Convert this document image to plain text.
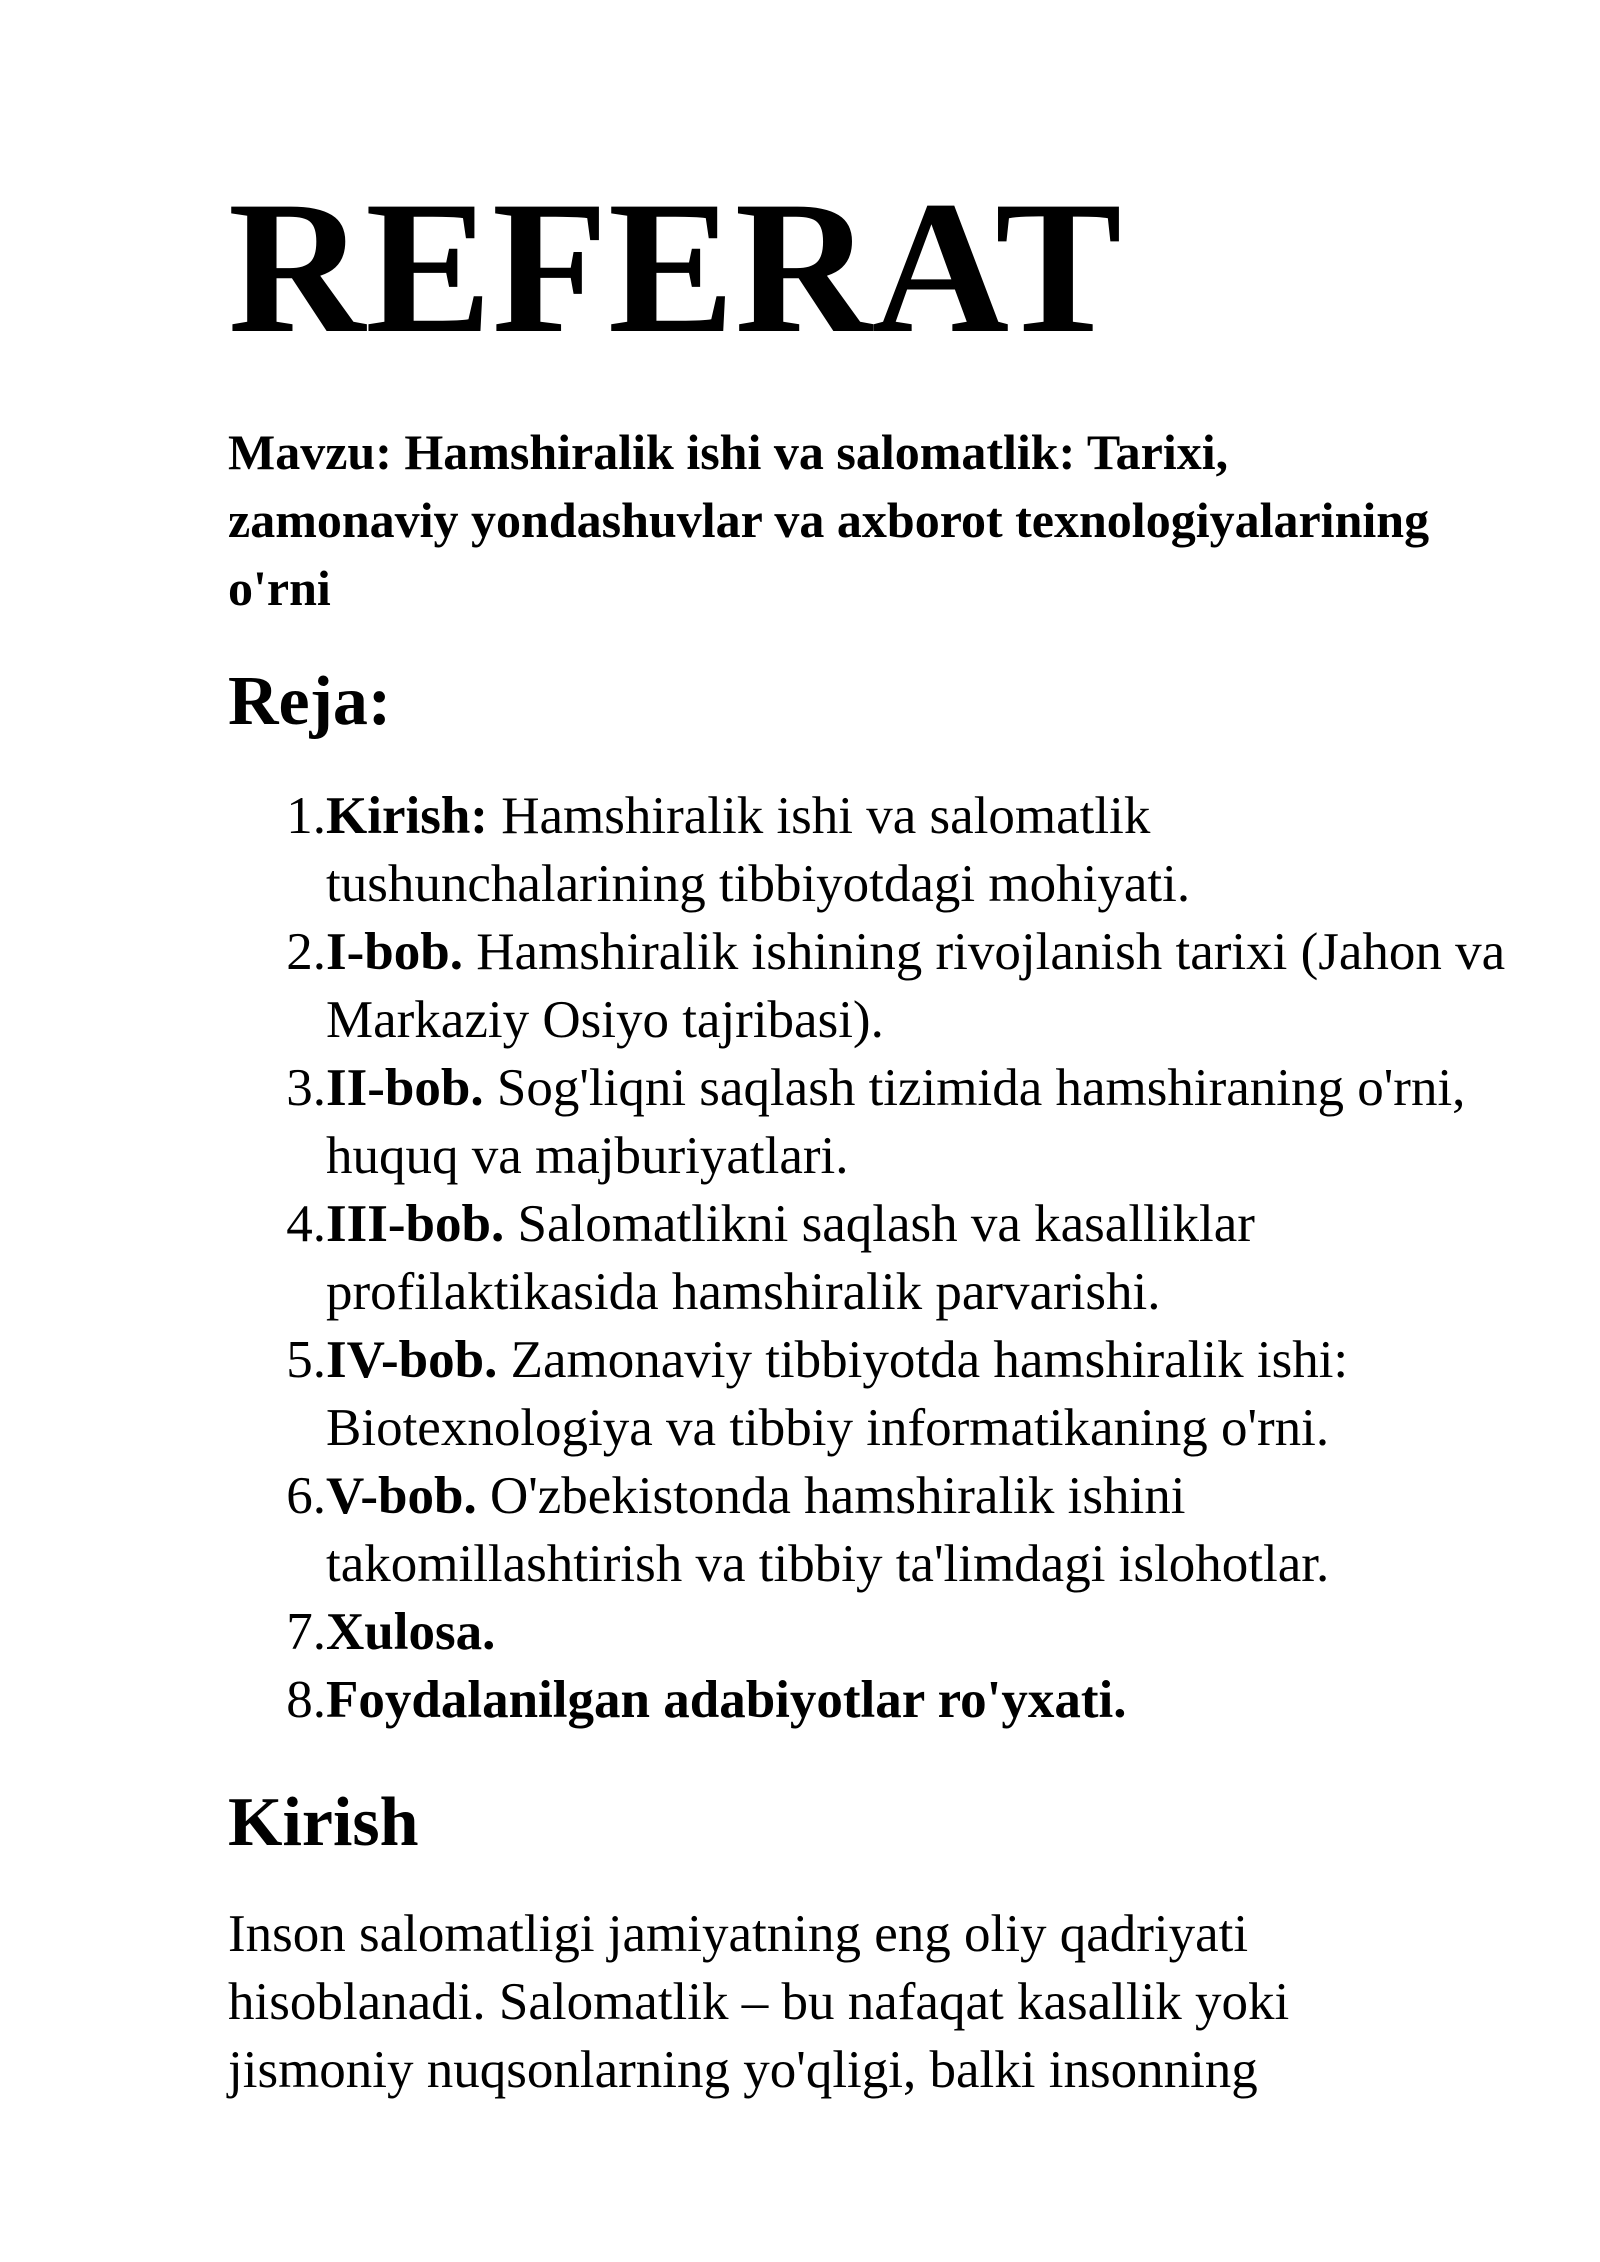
REFERAT

Mavzu: Hamshiralik ishi va salomatlik: Tarixi, zamonaviy yondashuvlar va axborot texnologiyalarining o'rni

Reja:
1. Kirish: Hamshiralik ishi va salomatlik tushunchalarining tibbiyotdagi mohiyati.
2. I-bob. Hamshiralik ishining rivojlanish tarixi (Jahon va Markaziy Osiyo tajribasi).
3. II-bob. Sog'liqni saqlash tizimida hamshiraning o'rni, huquq va majburiyatlari.
4. III-bob. Salomatlikni saqlash va kasalliklar profilaktikasida hamshiralik parvarishi.
5. IV-bob. Zamonaviy tibbiyotda hamshiralik ishi: Biotexnologiya va tibbiy informatikaning o'rni.
6. V-bob. O'zbekistonda hamshiralik ishini takomillashtirish va tibbiy ta'limdagi islohotlar.
7. Xulosa.
8. Foydalanilgan adabiyotlar ro'yxati.
Kirish

Inson salomatligi jamiyatning eng oliy qadriyati hisoblanadi. Salomatlik – bu nafaqat kasallik yoki jismoniy nuqsonlarning yo'qligi, balki insonning
